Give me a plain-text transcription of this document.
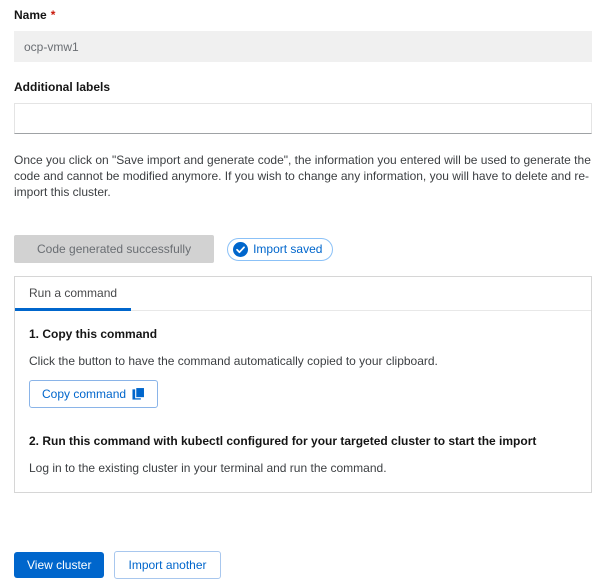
Name *
ocp-vmw1
Additional labels

Once you click on "Save import and generate code", the information you entered will be used to generate the code and cannot be modified anymore. If you wish to change any information, you will have to delete and re-import this cluster.

Code generated successfully	Import saved
Run a command
1. Copy this command

Click the button to have the command automatically copied to your clipboard.

Copy command
2. Run this command with kubectl configured for your targeted cluster to start the import

Log in to the existing cluster in your terminal and run the command.

View cluster	Import another
